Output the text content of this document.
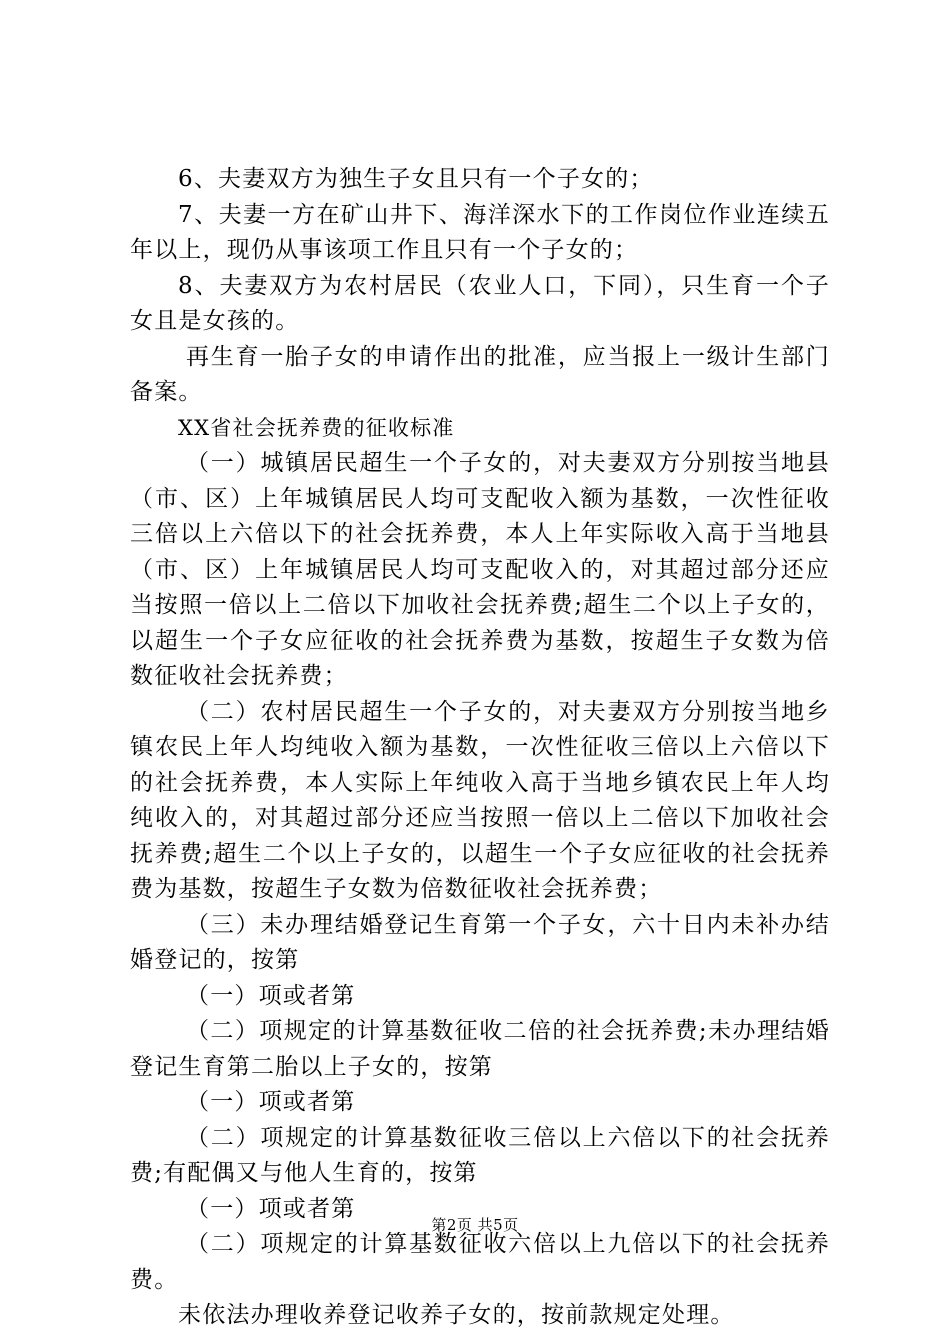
6、夫妻双方为独生子女且只有一个子女的；

7、夫妻一方在矿山井下、海洋深水下的工作岗位作业连续五年以上，现仍从事该项工作且只有一个子女的；

8、夫妻双方为农村居民（农业人口，下同），只生育一个子女且是女孩的。

再生育一胎子女的申请作出的批准，应当报上一级计生部门备案。

XX省社会抚养费的征收标准

（一）城镇居民超生一个子女的，对夫妻双方分别按当地县（市、区）上年城镇居民人均可支配收入额为基数，一次性征收三倍以上六倍以下的社会抚养费，本人上年实际收入高于当地县（市、区）上年城镇居民人均可支配收入的，对其超过部分还应当按照一倍以上二倍以下加收社会抚养费;超生二个以上子女的，以超生一个子女应征收的社会抚养费为基数，按超生子女数为倍数征收社会抚养费；

（二）农村居民超生一个子女的，对夫妻双方分别按当地乡镇农民上年人均纯收入额为基数，一次性征收三倍以上六倍以下的社会抚养费，本人实际上年纯收入高于当地乡镇农民上年人均纯收入的，对其超过部分还应当按照一倍以上二倍以下加收社会抚养费;超生二个以上子女的，以超生一个子女应征收的社会抚养费为基数，按超生子女数为倍数征收社会抚养费；

（三）未办理结婚登记生育第一个子女，六十日内未补办结婚登记的，按第

（一）项或者第

（二）项规定的计算基数征收二倍的社会抚养费;未办理结婚登记生育第二胎以上子女的，按第

（一）项或者第

（二）项规定的计算基数征收三倍以上六倍以下的社会抚养费;有配偶又与他人生育的，按第

（一）项或者第

（二）项规定的计算基数征收六倍以上九倍以下的社会抚养费。

未依法办理收养登记收养子女的，按前款规定处理。

第2页 共5页
